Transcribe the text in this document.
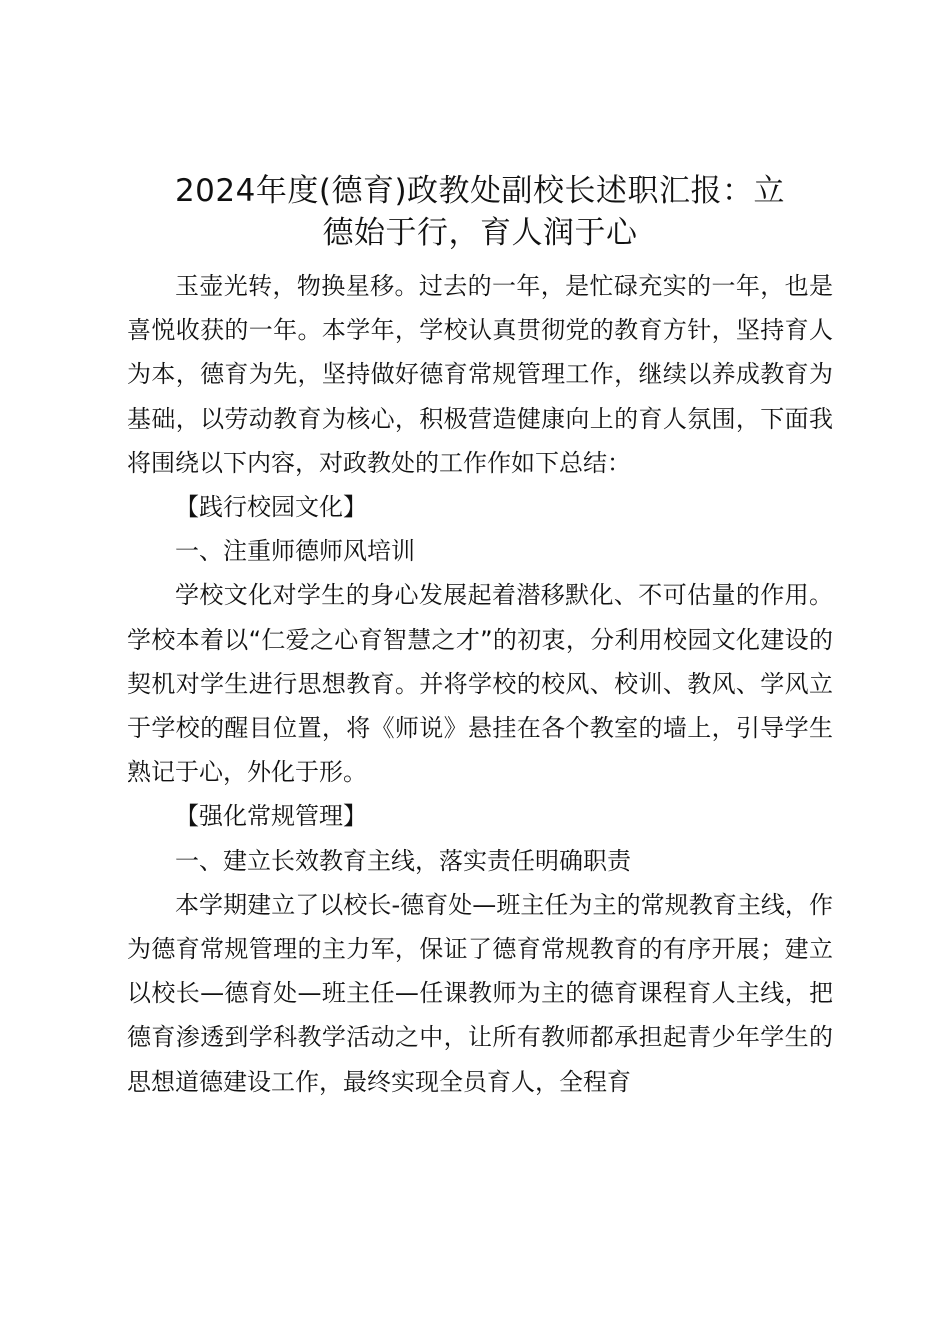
2024年度(德育)政教处副校长述职汇报：立
德始于行，育人润于心

玉壶光转，物换星移。过去的一年，是忙碌充实的一年，也是喜悦收获的一年。本学年，学校认真贯彻党的教育方针，坚持育人为本，德育为先，坚持做好德育常规管理工作，继续以养成教育为基础，以劳动教育为核心，积极营造健康向上的育人氛围，下面我将围绕以下内容，对政教处的工作作如下总结：

【践行校园文化】

一、注重师德师风培训

学校文化对学生的身心发展起着潜移默化、不可估量的作用。学校本着以“仁爱之心育智慧之才”的初衷，分利用校园文化建设的契机对学生进行思想教育。并将学校的校风、校训、教风、学风立于学校的醒目位置，将《师说》悬挂在各个教室的墙上，引导学生熟记于心，外化于形。

【强化常规管理】

一、建立长效教育主线，落实责任明确职责

本学期建立了以校长-德育处—班主任为主的常规教育主线，作为德育常规管理的主力军，保证了德育常规教育的有序开展；建立以校长—德育处—班主任—任课教师为主的德育课程育人主线，把德育渗透到学科教学活动之中，让所有教师都承担起青少年学生的思想道德建设工作，最终实现全员育人，全程育
